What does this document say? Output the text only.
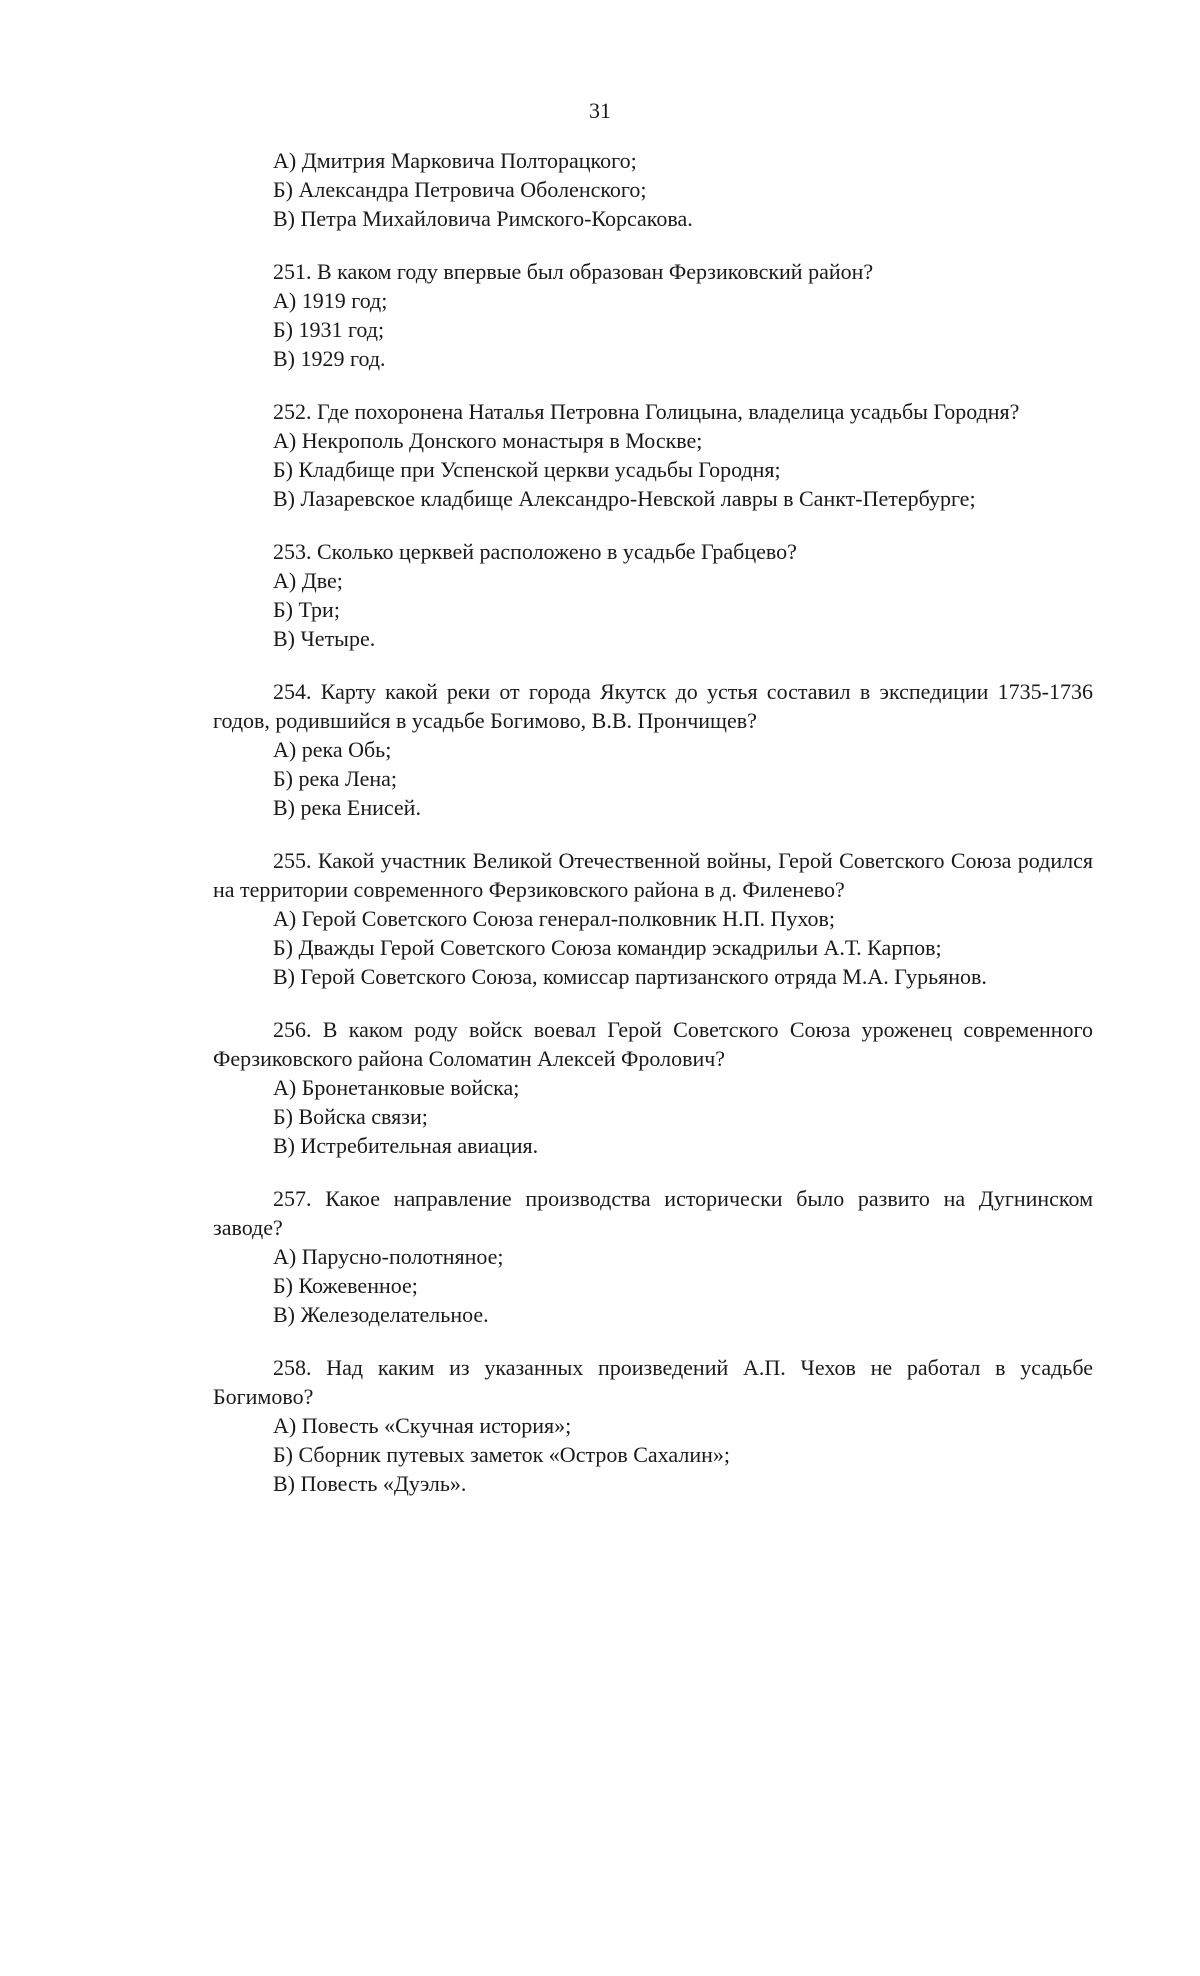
31
А) Дмитрия Марковича Полторацкого;
Б) Александра Петровича Оболенского;
В) Петра Михайловича Римского-Корсакова.

251. В каком году впервые был образован Ферзиковский район?

А) 1919 год;
Б) 1931 год;
В) 1929 год.

252. Где похоронена Наталья Петровна Голицына, владелица усадьбы Городня?

А) Некрополь Донского монастыря в Москве;
Б) Кладбище при Успенской церкви усадьбы Городня;
В) Лазаревское кладбище Александро-Невской лавры в Санкт-Петербурге;

253. Сколько церквей расположено в усадьбе Грабцево?

А) Две;
Б) Три;
В) Четыре.

254. Карту какой реки от города Якутск до устья составил в экспедиции 1735-1736 годов, родившийся в усадьбе Богимово, В.В. Прончищев?

А) река Обь;
Б) река Лена;
В) река Енисей.

255. Какой участник Великой Отечественной войны, Герой Советского Союза родился на территории современного Ферзиковского района в д. Филенево?

А) Герой Советского Союза генерал-полковник Н.П. Пухов;
Б) Дважды Герой Советского Союза командир эскадрильи А.Т. Карпов;
В) Герой Советского Союза, комиссар партизанского отряда М.А. Гурьянов.

256. В каком роду войск воевал Герой Советского Союза уроженец современного Ферзиковского района Соломатин Алексей Фролович?

А) Бронетанковые войска;
Б) Войска связи;
В) Истребительная авиация.

257. Какое направление производства исторически было развито на Дугнинском заводе?

А) Парусно-полотняное;
Б) Кожевенное;
В) Железоделательное.

258. Над каким из указанных произведений А.П. Чехов не работал в усадьбе Богимово?

А) Повесть «Скучная история»;
Б) Сборник путевых заметок «Остров Сахалин»;
В) Повесть «Дуэль».
